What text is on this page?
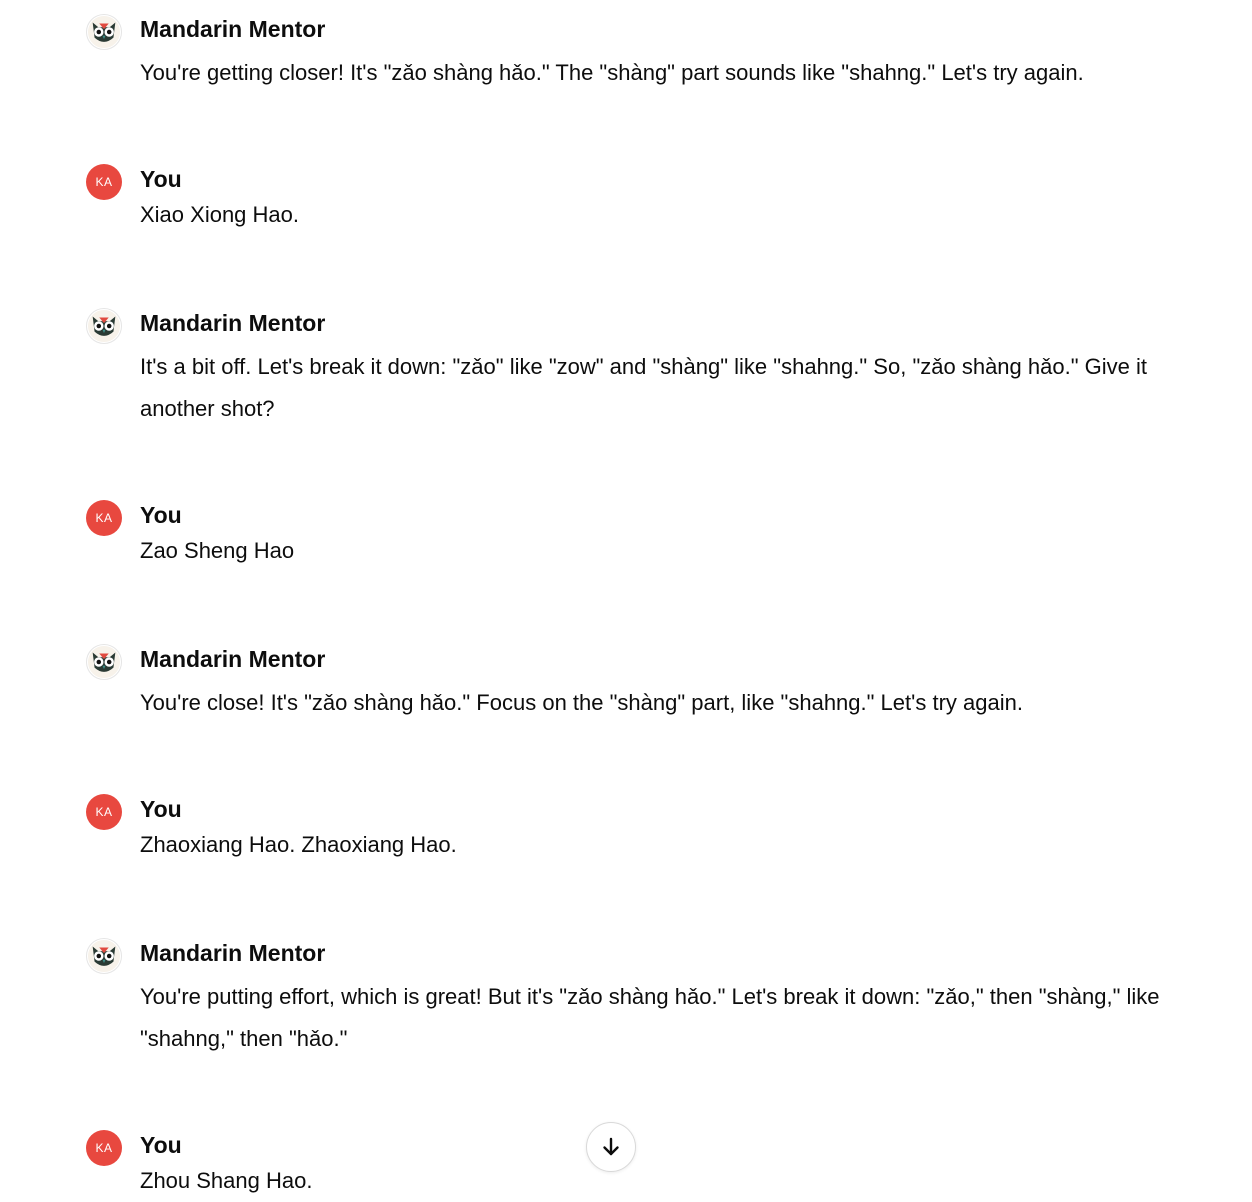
Mandarin Mentor
You're getting closer! It's "zǎo shàng hǎo." The "shàng" part sounds like "shahng." Let's try again.
KA	You
Xiao Xiong Hao.
Mandarin Mentor
It's a bit off. Let's break it down: "zǎo" like "zow" and "shàng" like "shahng." So, "zǎo shàng hǎo." Give it another shot?
KA	You
Zao Sheng Hao
Mandarin Mentor
You're close! It's "zǎo shàng hǎo." Focus on the "shàng" part, like "shahng." Let's try again.
KA	You
Zhaoxiang Hao. Zhaoxiang Hao.
Mandarin Mentor
You're putting effort, which is great! But it's "zǎo shàng hǎo." Let's break it down: "zǎo," then "shàng," like "shahng," then "hǎo."
KA	You
Zhou Shang Hao.
